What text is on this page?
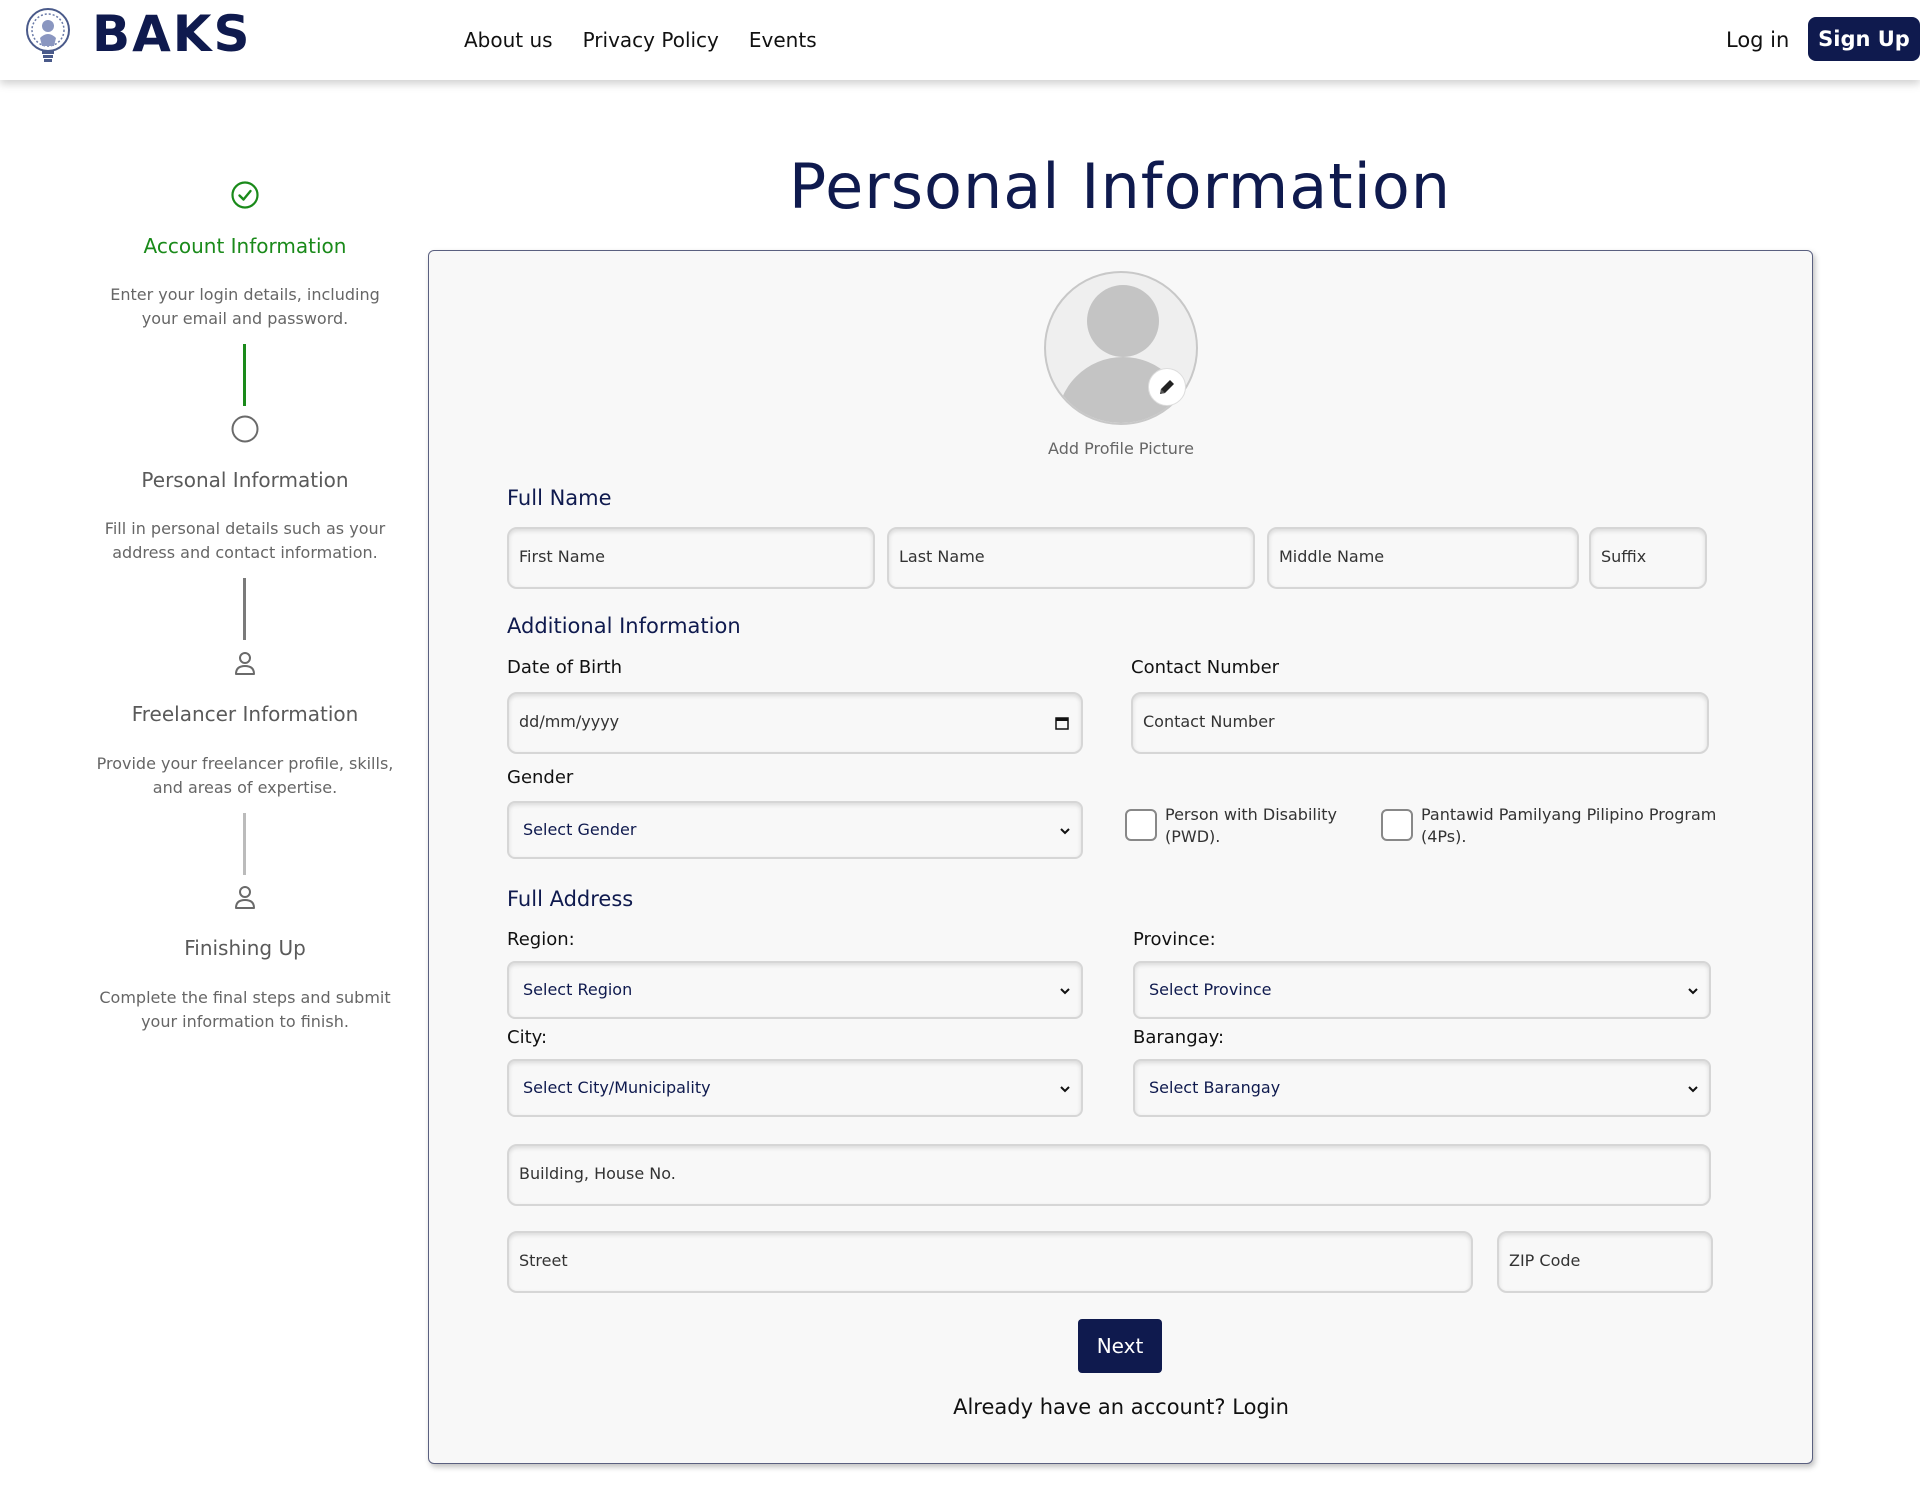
BAKS	About us Privacy Policy Events	Log in	Sign Up
Account Information
Enter your login details, including your email and password.
Personal Information
Fill in personal details such as your address and contact information.
Freelancer Information
Provide your freelancer profile, skills, and areas of expertise.
Finishing Up
Complete the final steps and submit your information to finish.
Personal Information
Add Profile Picture
Full Name
First Name	Last Name	Middle Name	Suffix
Additional Information
Date of Birth
dd/mm/yyyy
Contact Number
Contact Number
Gender
Select Gender
Person with Disability (PWD).
Pantawid Pamilyang Pilipino Program (4Ps).
Full Address
Region:
Select Region
Province:
Select Province
City:
Select City/Municipality
Barangay:
Select Barangay
Building, House No.
Street	ZIP Code
Next
Already have an account? Login
